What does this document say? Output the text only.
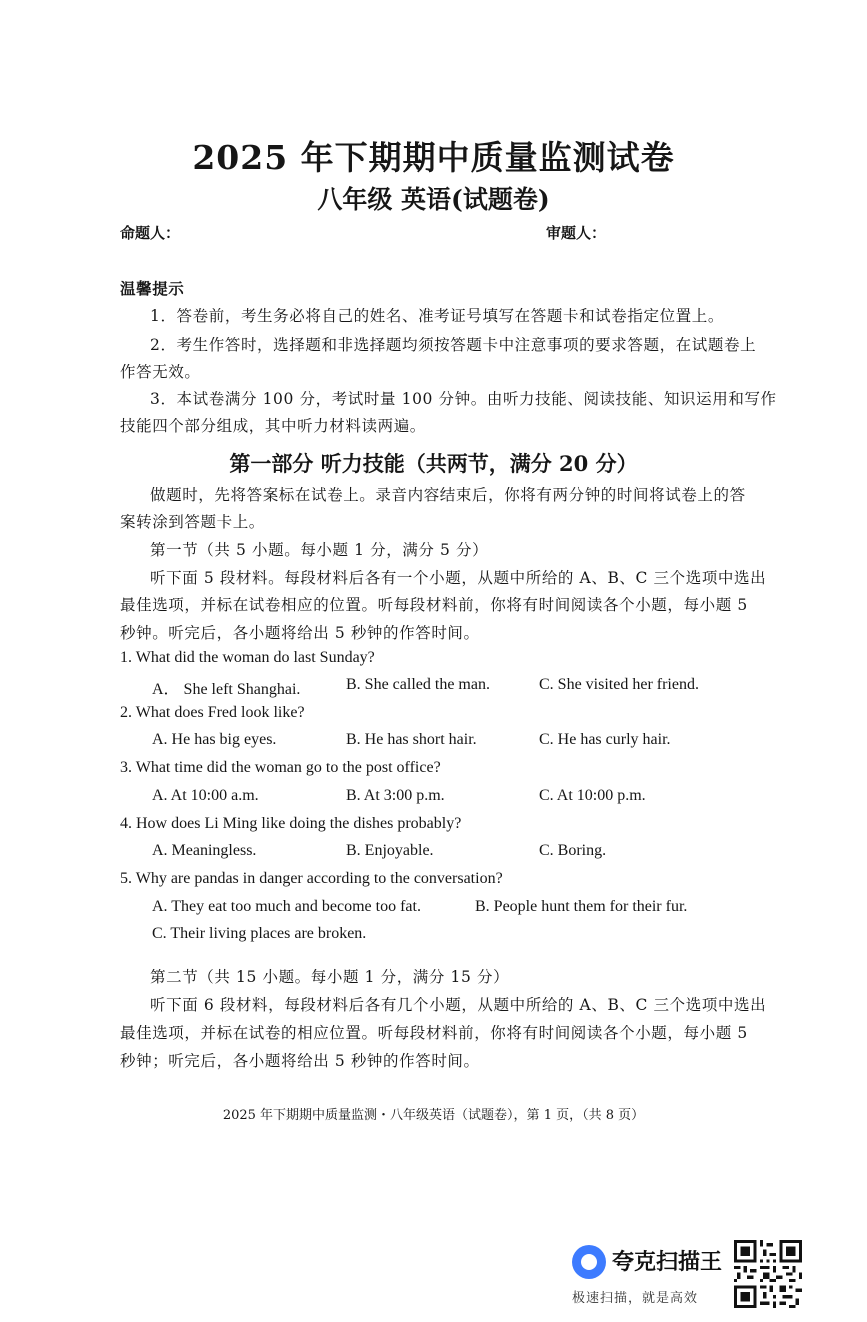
2025 年下期期中质量监测试卷
八年级 英语(试题卷)
命题人：	审题人：
温馨提示
1．答卷前，考生务必将自己的姓名、准考证号填写在答题卡和试卷指定位置上。
2．考生作答时，选择题和非选择题均须按答题卡中注意事项的要求答题，在试题卷上
作答无效。
3．本试卷满分 100 分，考试时量 100 分钟。由听力技能、阅读技能、知识运用和写作
技能四个部分组成，其中听力材料读两遍。
第一部分 听力技能（共两节，满分 20 分）
做题时，先将答案标在试卷上。录音内容结束后，你将有两分钟的时间将试卷上的答
案转涂到答题卡上。
第一节（共 5 小题。每小题 1 分，满分 5 分）
听下面 5 段材料。每段材料后各有一个小题，从题中所给的 A、B、C 三个选项中选出
最佳选项，并标在试卷相应的位置。听每段材料前，你将有时间阅读各个小题，每小题 5
秒钟。听完后，各小题将给出 5 秒钟的作答时间。
1. What did the woman do last Sunday?
A． She left Shanghai.	B. She called the man.	C. She visited her friend.
2. What does Fred look like?
A. He has big eyes.	B. He has short hair.	C. He has curly hair.
3. What time did the woman go to the post office?
A. At 10:00 a.m.	B. At 3:00 p.m.	C. At 10:00 p.m.
4. How does Li Ming like doing the dishes probably?
A. Meaningless.	B. Enjoyable.	C. Boring.
5. Why are pandas in danger according to the conversation?
A. They eat too much and become too fat.	B. People hunt them for their fur.
C. Their living places are broken.
第二节（共 15 小题。每小题 1 分，满分 15 分）
听下面 6 段材料，每段材料后各有几个小题，从题中所给的 A、B、C 三个选项中选出
最佳选项，并标在试卷的相应位置。听每段材料前，你将有时间阅读各个小题，每小题 5
秒钟；听完后，各小题将给出 5 秒钟的作答时间。
2025 年下期期中质量监测・八年级英语（试题卷），第 1 页，（共 8 页）
夸克扫描王
极速扫描，就是高效
